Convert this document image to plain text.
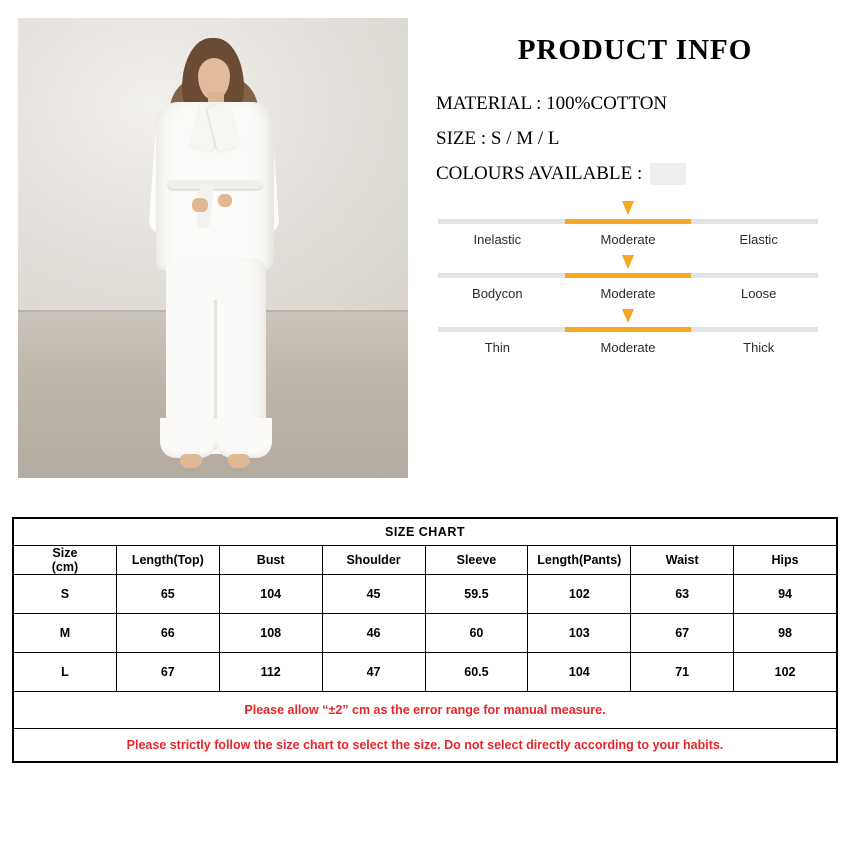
PRODUCT INFO
MATERIAL : 100%COTTON
SIZE : S / M / L
COLOURS AVAILABLE :
Inelastic	Moderate	Elastic
Bodycon	Moderate	Loose
Thin	Moderate	Thick
SIZE CHART							

Size
(cm)	Length(Top)	Bust	Shoulder	Sleeve	Length(Pants)	Waist	Hips
S	65	104	45	59.5	102	63	94
M	66	108	46	60	103	67	98
L	67	112	47	60.5	104	71	102
Please allow “±2” cm as the error range for manual measure.							
Please strictly follow the size chart to select the size. Do not select directly according to your habits.							
